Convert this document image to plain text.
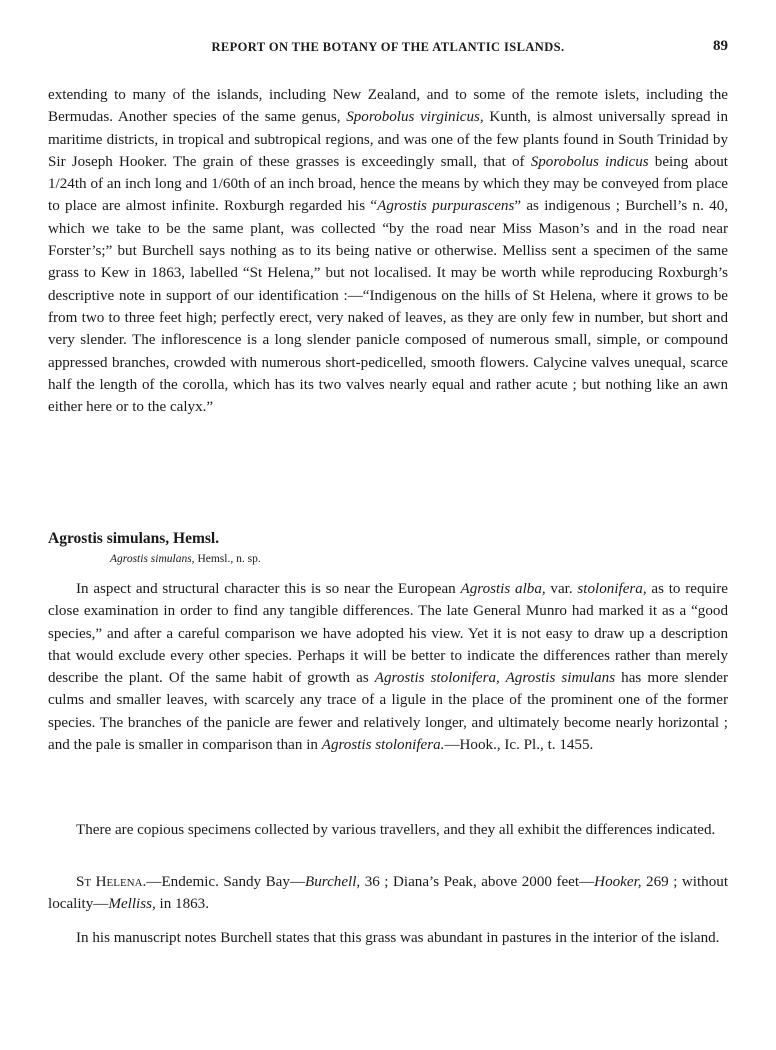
REPORT ON THE BOTANY OF THE ATLANTIC ISLANDS.	89

extending to many of the islands, including New Zealand, and to some of the remote islets, including the Bermudas. Another species of the same genus, Sporobolus virginicus, Kunth, is almost universally spread in maritime districts, in tropical and subtropical regions, and was one of the few plants found in South Trinidad by Sir Joseph Hooker. The grain of these grasses is exceedingly small, that of Sporobolus indicus being about 1/24th of an inch long and 1/60th of an inch broad, hence the means by which they may be conveyed from place to place are almost infinite. Roxburgh regarded his “Agrostis purpurascens” as indigenous ; Burchell’s n. 40, which we take to be the same plant, was collected “by the road near Miss Mason’s and in the road near Forster’s;” but Burchell says nothing as to its being native or otherwise. Melliss sent a specimen of the same grass to Kew in 1863, labelled “St Helena,” but not localised. It may be worth while reproducing Roxburgh’s descriptive note in support of our identification :—“Indigenous on the hills of St Helena, where it grows to be from two to three feet high; perfectly erect, very naked of leaves, as they are only few in number, but short and very slender. The inflorescence is a long slender panicle composed of numerous small, simple, or compound appressed branches, crowded with numerous short-pedicelled, smooth flowers. Calycine valves unequal, scarce half the length of the corolla, which has its two valves nearly equal and rather acute ; but nothing like an awn either here or to the calyx.”

Agrostis simulans, Hemsl.
Agrostis simulans, Hemsl., n. sp.

In aspect and structural character this is so near the European Agrostis alba, var. stolonifera, as to require close examination in order to find any tangible differences. The late General Munro had marked it as a “good species,” and after a careful comparison we have adopted his view. Yet it is not easy to draw up a description that would exclude every other species. Perhaps it will be better to indicate the differences rather than merely describe the plant. Of the same habit of growth as Agrostis stolonifera, Agrostis simulans has more slender culms and smaller leaves, with scarcely any trace of a ligule in the place of the prominent one of the former species. The branches of the panicle are fewer and relatively longer, and ultimately become nearly horizontal ; and the pale is smaller in comparison than in Agrostis stolonifera.—Hook., Ic. Pl., t. 1455.

There are copious specimens collected by various travellers, and they all exhibit the differences indicated.

St Helena.—Endemic. Sandy Bay—Burchell, 36 ; Diana’s Peak, above 2000 feet—Hooker, 269 ; without locality—Melliss, in 1863.

In his manuscript notes Burchell states that this grass was abundant in pastures in the interior of the island.
